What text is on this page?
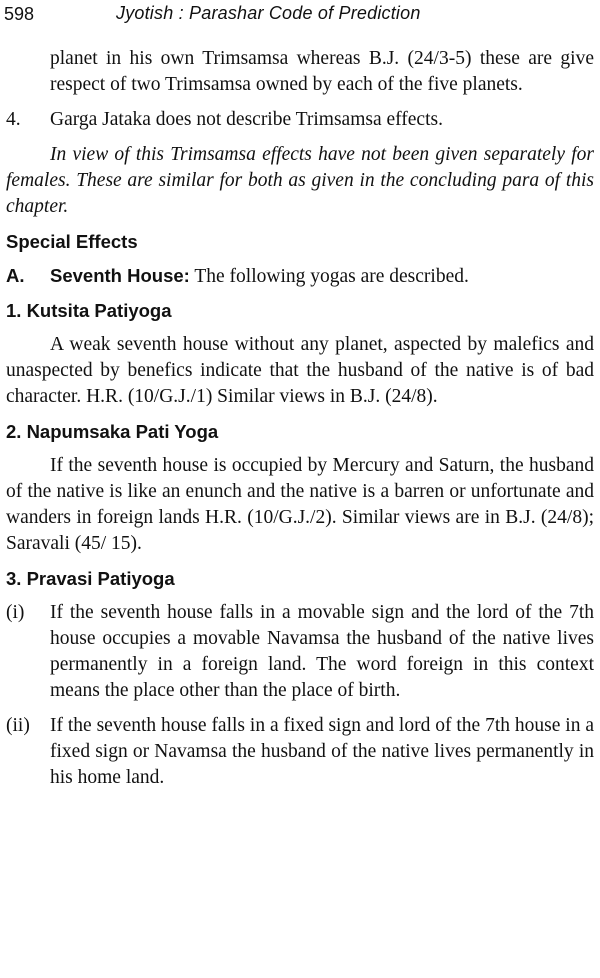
598	Jyotish : Parashar Code of Prediction

planet in his own Trimsamsa whereas B.J. (24/3-5) these are give respect of two Trimsamsa owned by each of the five planets.

4. Garga Jataka does not describe Trimsamsa effects.

In view of this Trimsamsa effects have not been given separately for females. These are similar for both as given in the concluding para of this chapter.

Special Effects
A. Seventh House: The following yogas are described.
1. Kutsita Patiyoga

A weak seventh house without any planet, aspected by malefics and unaspected by benefics indicate that the husband of the native is of bad character. H.R. (10/G.J./1) Similar views in B.J. (24/8).

2. Napumsaka Pati Yoga

If the seventh house is occupied by Mercury and Saturn, the husband of the native is like an enunch and the native is a barren or unfortunate and wanders in foreign lands H.R. (10/G.J./2). Similar views are in B.J. (24/8); Saravali (45/ 15).

3. Pravasi Patiyoga
(i) If the seventh house falls in a movable sign and the lord of the 7th house occupies a movable Navamsa the husband of the native lives permanently in a foreign land. The word foreign in this context means the place other than the place of birth.
(ii) If the seventh house falls in a fixed sign and lord of the 7th house in a fixed sign or Navamsa the husband of the native lives permanently in his home land.
